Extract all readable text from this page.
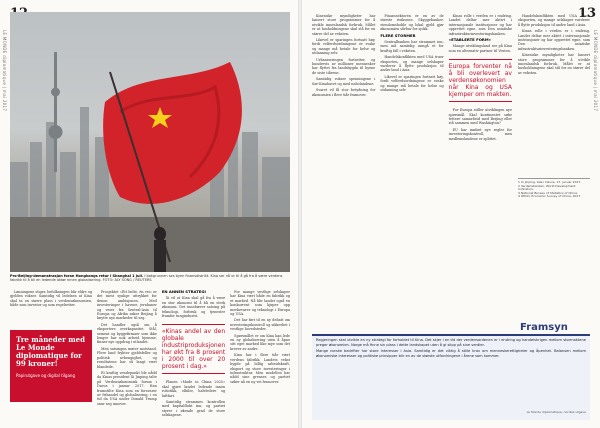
LE MONDE diplomatique | mai 2017
Pro-Beijing-demonstrasjon foran Hongkongs retur i Shanghai 1 juli. I bakgrunnen ses byen finansdistrikt. Kina ser nå ut til å gå fra å være verdens fabrikk til å bli en ledende aktør innen globalisering. FOTO: ALY SONG / REUTERS

Prosjektet «Ett belte, én vei» er det mest synlige uttrykket for denne ambisjonen. Med investeringer i havner, jernbaner og veier fra Sentral-Asia til Europa og Afrika søker Beijing å knytte nye markeder til seg.

Det handler også om å eksportere overkapasitet. Stål, sement og byggefirmaer som ikke lenger har nok arbeid hjemme, finner nye oppdrag i utlandet.

Men satsingen møter motstand. Flere land frykter gjeldsfeller og politisk avhengighet, og resultatene har så langt vært blandede.

Et kraftig vendepunkt ble nådd da Kinas president Xi Jinping talte på Verdensøkonomisk forum i Davos i januar 2017. Han framstilte Kina som en forsvarer av frihandel og globalisering, i en tid da USA under Donald Trump snur seg innover.

EN ANNEN STRATEGI

Xi vil at Kina skal gå fra å være en stor økonomi til å bli en sterk økonomi. Det innebærer satsing på teknologi, forbruk og tjenester framfor tungindustri.

«Kinas andel av den globale industriproduksjonen har økt fra 8 prosent i 2000 til over 20 prosent i dag.»

Planen «Made in China 2025» skal gjøre landet ledende innen robotikk, elbiler, halvledere og luftfart.

Samtidig strammes kontrollen med kapitalflukt inn, og partiet styrer i økende grad de store selskapene.

For mange vestlige selskaper har Kina vært både en fabrikk og et marked. Nå blir landet også en konkurrent som kjøper opp merkevarer og teknologi i Europa og USA.

Det har ført til en ny debatt om investeringskontroll og sikkerhet i vestlige hovedsteder.

Spørsmålet er om Kina kan lede en ny globalisering uten å åpne sitt eget marked like mye som det krever av andre.

Kina har i flere tiår vært verdens fabrikk. Landets vekst bygde på billig arbeidskraft, eksport og store investeringer i infrastruktur. Men modellen har nådd sine grenser, og partiet søker nå en ny vei framover.

Lønningene stiger, befolkningen blir eldre og gjelden vokser. Samtidig vil ledelsen at Kina skal ta en større plass i verdensøkonomien, både som investor og som regelsetter.

Tre måneder med Le Monde diplomatique for 99 kroner!
Papirutgave og digital tilgang
13
LE MONDE diplomatique | mai 2017

Kinesiske myndigheter har lansert store programmer for å utvikle innenlandsk forbruk. Målet er at husholdningene skal stå for en større del av veksten.

Likevel er sparingen fortsatt høy, fordi velferdsordningene er svake og mange må betale for helse og utdanning selv.

Urbaniseringen fortsetter, og hundrevis av millioner mennesker har flyttet fra landsbygda til byene de siste tiårene.

Samtidig vokser spenningene i Sør-Kinahavet og med nabolandene.

Svaret vil få stor betydning for økonomien i flere tiår framover.

Finanssektoren er en av de største risikoene. Skyggebanker, eiendomsboble og lokal gjeld gjør økonomien sårbar for sjokk.

FLERE STORMER

Sentralbanken har strammet inn, men må samtidig unngå et for kraftig fall i veksten.

Handelskonflikten med USA truer eksporten, og mange selskaper vurderer å flytte produksjon til andre land i Asia.

Likevel er sparingen fortsatt høy, fordi velferdsordningene er svake og mange må betale for helse og utdanning selv.

Kinas rolle i verden er i endring. Landet deltar mer aktivt i internasjonale institusjoner og har opprettet egne, som Den asiatiske infrastrukturinvesteringsbanken.

«ETABLERTE FORM»

Mange utviklingsland ser på Kina som en alternativ partner til Vesten.

Europa forventer nå å bli overlevert av verdensøkonomien når Kina og USA kjemper om makten.

For Europa stiller utviklingen nye spørsmål. Skal kontinentet søke tettere samarbeid med Beijing eller stå sammen med Washington?

EU har innført nye regler for investeringskontroll, men medlemslandene er splittet.

Handelskonflikten med USA truer eksporten, og mange selskaper vurderer å flytte produksjon til andre land i Asia.

Kinas rolle i verden er i endring. Landet deltar mer aktivt i internasjonale institusjoner og har opprettet egne, som Den asiatiske infrastrukturinvesteringsbanken.

Kinesiske myndigheter har lansert store programmer for å utvikle innenlandsk forbruk. Målet er at husholdningene skal stå for en større del av veksten.

1 Xi Jinping, tale i Davos, 17. januar 2017.
2 Verdensbanken, World Development Indicators.
3 National Bureau of Statistics of China.
4 OECD, Economic Survey of China, 2017.
Framsyn

Regjeringen skal utvikle en ny strategi for forholdet til Kina. Det skjer i en tid der verdensordenen er i endring og handelskrigen mellom stormaktene preger økonomien. Norge må finne sin plass i dette landskapet uten å gi slipp på sine verdier.

Mange norske bedrifter har store interesser i Asia. Samtidig er det viktig å stille krav om menneskerettigheter og åpenhet. Balansen mellom økonomiske interesser og politiske prinsipper blir en av de største utfordringene i årene som kommer.

Le Monde diplomatique, nordisk utgave
